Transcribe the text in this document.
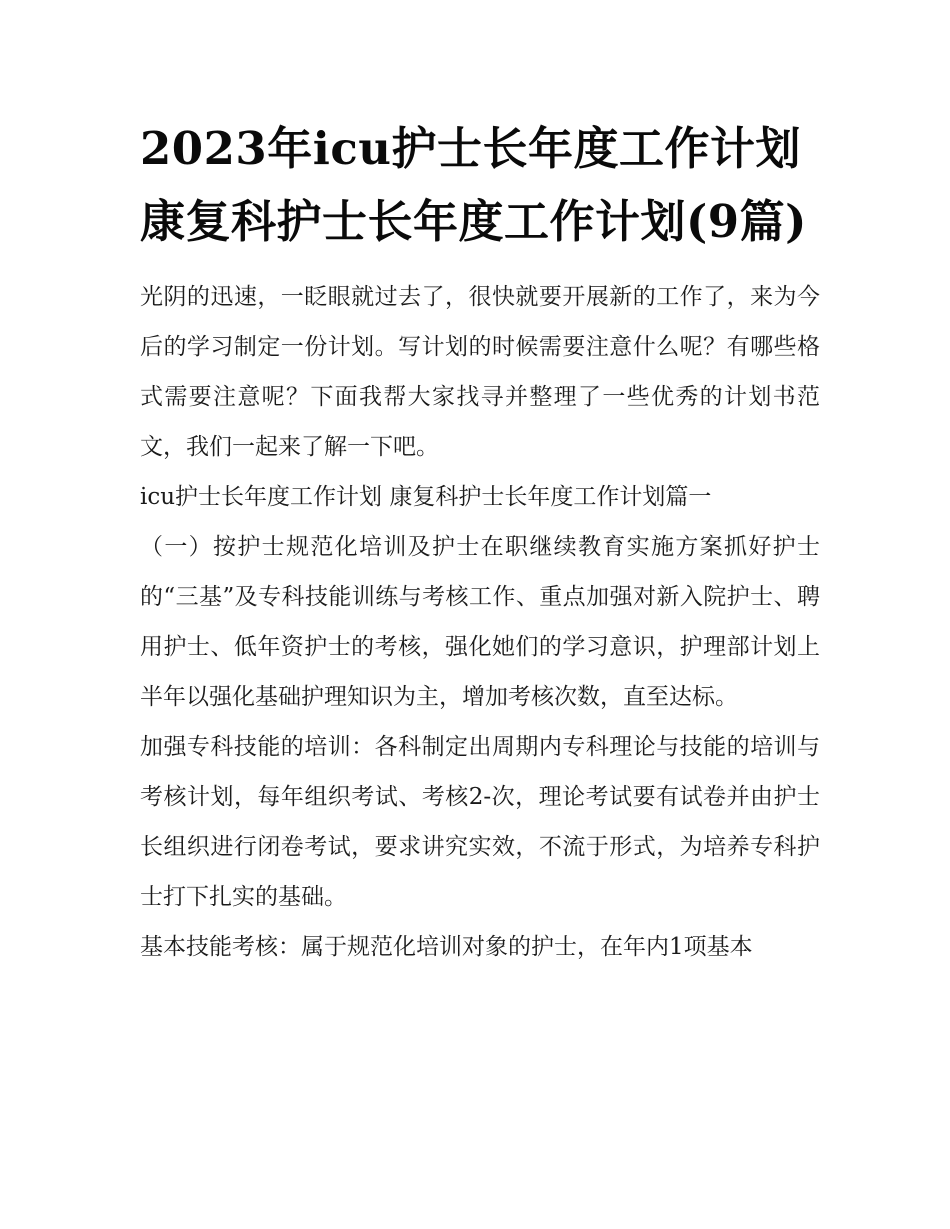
2023年icu护士长年度工作计划 康复科护士长年度工作计划(9篇)

光阴的迅速，一眨眼就过去了，很快就要开展新的工作了，来为今后的学习制定一份计划。写计划的时候需要注意什么呢？有哪些格式需要注意呢？下面我帮大家找寻并整理了一些优秀的计划书范文，我们一起来了解一下吧。

icu护士长年度工作计划 康复科护士长年度工作计划篇一

（一）按护士规范化培训及护士在职继续教育实施方案抓好护士的“三基”及专科技能训练与考核工作、重点加强对新入院护士、聘用护士、低年资护士的考核，强化她们的学习意识，护理部计划上半年以强化基础护理知识为主，增加考核次数，直至达标。

加强专科技能的培训：各科制定出周期内专科理论与技能的培训与考核计划，每年组织考试、考核2-次，理论考试要有试卷并由护士长组织进行闭卷考试，要求讲究实效，不流于形式，为培养专科护士打下扎实的基础。

基本技能考核：属于规范化培训对象的护士，在年内1项基本
